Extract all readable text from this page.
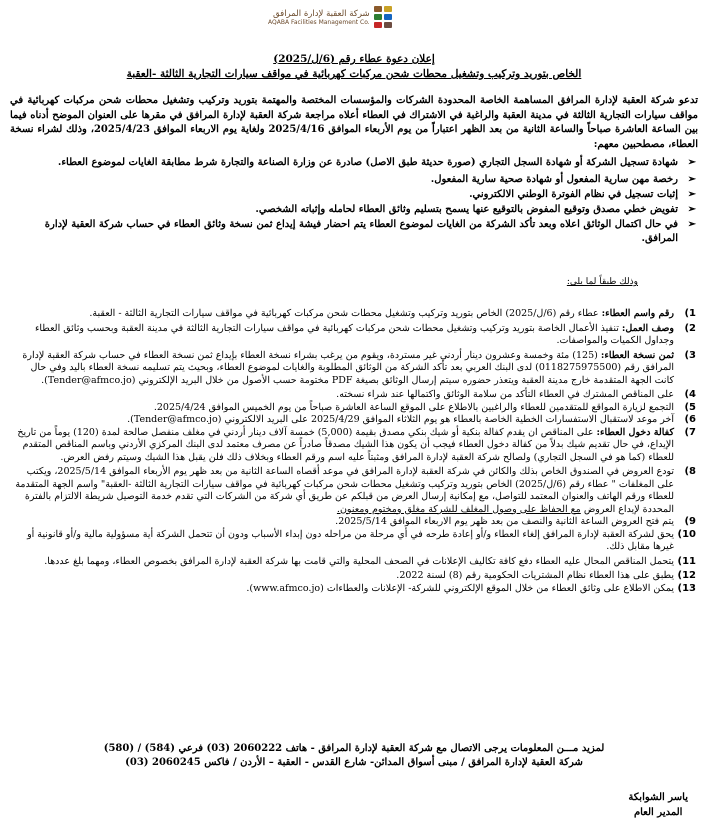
شركة العقبة لإدارة المرافق
AQABA Facilities Management Co.
إعلان دعوة عطاء رقم (6/ل/2025)
الخاص بتوريد وتركيب وتشغيل محطات شحن مركبات كهربائية في مواقف سيارات التجارية الثالثة -العقبة

تدعو شركة العقبة لإدارة المرافق المساهمة الخاصة المحدودة الشركات والمؤسسات المختصة والمهتمة بتوريد وتركيب وتشغيل محطات شحن مركبات كهربائية في مواقف سيارات التجارية الثالثة في مدينة العقبة والراغبة في الاشتراك في العطاء أعلاه مراجعة شركة العقبة لإدارة المرافق في مقرها على العنوان الموضح أدناه فيما بين الساعة العاشرة صباحاً والساعة الثانية من بعد الظهر اعتباراً من يوم الأربعاء الموافق 2025/4/16 ولغاية يوم الاربعاء الموافق 2025/4/23، وذلك لشراء نسخة العطاء، مصطحبين معهم:

➢ شهادة تسجيل الشركة أو شهادة السجل التجاري (صورة حديثة طبق الاصل) صادرة عن وزارة الصناعة والتجارة شرط مطابقة الغايات لموضوع العطاء.
➢ رخصة مهن سارية المفعول أو شهادة صحية سارية المفعول.
➢ إثبات تسجيل في نظام الفوترة الوطني الالكتروني.
➢ تفويض خطي مصدق وتوقيع المفوض بالتوقيع عنها يسمح بتسليم وثائق العطاء لحامله وإثباته الشخصي.
➢ في حال اكتمال الوثائق اعلاه وبعد تأكد الشركة من الغايات لموضوع العطاء يتم احضار فيشة إيداع ثمن نسخة وثائق العطاء في حساب شركة العقبة لإدارة المرافق.
وذلك طبقاً لما يلي:
1)
رقم واسم العطاء: عطاء رقم (6/ل/2025) الخاص بتوريد وتركيب وتشغيل محطات شحن مركبات كهربائية في مواقف سيارات التجارية الثالثة - العقبة.
2)
وصف العمل: تنفيذ الأعمال الخاصة بتوريد وتركيب وتشغيل محطات شحن مركبات كهربائية في مواقف سيارات التجارية الثالثة في مدينة العقبة وبحسب وثائق العطاء وجداول الكميات والمواصفات.
3)
ثمن نسخة العطاء: (125) مئة وخمسة وعشرون دينار أردني غير مستردة، ويقوم من يرغب بشراء نسخة العطاء بإيداع ثمن نسخة العطاء في حساب شركة العقبة لإدارة المرافق رقم (0118275975500) لدى البنك العربي بعد تأكد الشركة من الوثائق المطلوبة والغايات لموضوع العطاء، وبحيث يتم تسليمه نسخة العطاء باليد وفي حال كانت الجهة المتقدمة خارج مدينة العقبة ويتعذر حضوره سيتم إرسال الوثائق بصيغة PDF مختومة حسب الأصول من خلال البريد الإلكتروني (Tender@afmco.jo).
4)
على المناقص المشترك في العطاء التأكد من سلامة الوثائق واكتمالها عند شراء نسخته.
5)
التجمع لزيارة المواقع للمتقدمين للعطاء والراغبين بالاطلاع على الموقع الساعة العاشرة صباحاً من يوم الخميس الموافق 2025/4/24.
6)
آخر موعد لاستقبال الاستفسارات الخطية الخاصة بالعطاء هو يوم الثلاثاء الموافق 2025/4/29 على البريد الالكتروني (Tender@afmco.jo).
7)
كفالة دخول العطاء: على المناقص ان يقدم كفالة بنكية أو شيك بنكي مصدق بقيمة (5,000) خمسة آلاف دينار أردني في مغلف منفصل صالحة لمدة (120) يوماً من تاريخ الإيداع، في حال تقديم شيك بدلاً من كفالة دخول العطاء فيجب أن يكون هذا الشيك مصدقاً صادراً عن مصرف معتمد لدى البنك المركزي الأردني وباسم المناقص المتقدم للعطاء (كما هو في السجل التجاري) ولصالح شركة العقبة لإدارة المرافق ومثبتاً عليه اسم ورقم العطاء وبخلاف ذلك فلن يقبل هذا الشيك وسيتم رفض العرض.
8)
تودع العروض في الصندوق الخاص بذلك والكائن في شركة العقبة لإدارة المرافق في موعد أقصاه الساعة الثانية من بعد ظهر يوم الأربعاء الموافق 2025/5/14، ويكتب على المغلفات " عطاء رقم (6/ل/2025) الخاص بتوريد وتركيب وتشغيل محطات شحن مركبات كهربائية في مواقف سيارات التجارية الثالثة -العقبة" واسم الجهة المتقدمة للعطاء ورقم الهاتف والعنوان المعتمد للتواصل، مع إمكانية إرسال العرض من قبلكم عن طريق أي شركة من الشركات التي تقدم خدمة التوصيل شريطة الالتزام بالفترة المحددة لإيداع العروض مع الحفاظ على وصول المغلف للشركة مغلق ومختوم ومعنون.
9)
يتم فتح العروض الساعة الثانية والنصف من بعد ظهر يوم الاربعاء الموافق 2025/5/14.
10)
يحق لشركة العقبة لإدارة المرافق إلغاء العطاء و/أو إعادة طرحه في أي مرحلة من مراحله دون إبداء الأسباب ودون أن تتحمل الشركة أية مسؤولية مالية و/أو قانونية أو غيرها مقابل ذلك.
11)
يتحمل المناقص المحال عليه العطاء دفع كافة تكاليف الإعلانات في الصحف المحلية والتي قامت بها شركة العقبة لإدارة المرافق بخصوص العطاء، ومهما بلغ عددها.
12)
يطبق على هذا العطاء نظام المشتريات الحكومية رقم (8) لسنة 2022.
13)
يمكن الاطلاع على وثائق العطاء من خلال الموقع الإلكتروني للشركة- الإعلانات والعطاءات (www.afmco.jo).
لمزيد مـــن المعلومات يرجى الاتصال مع شركة العقبة لإدارة المرافق - هاتف 2060222 (03) فرعي (584) / (580)
شركة العقبة لإدارة المرافق / مبنى أسواق المدائن- شارع القدس - العقبة – الأردن / فاكس 2060245 (03)
ياسر الشوابكة
المدير العام
